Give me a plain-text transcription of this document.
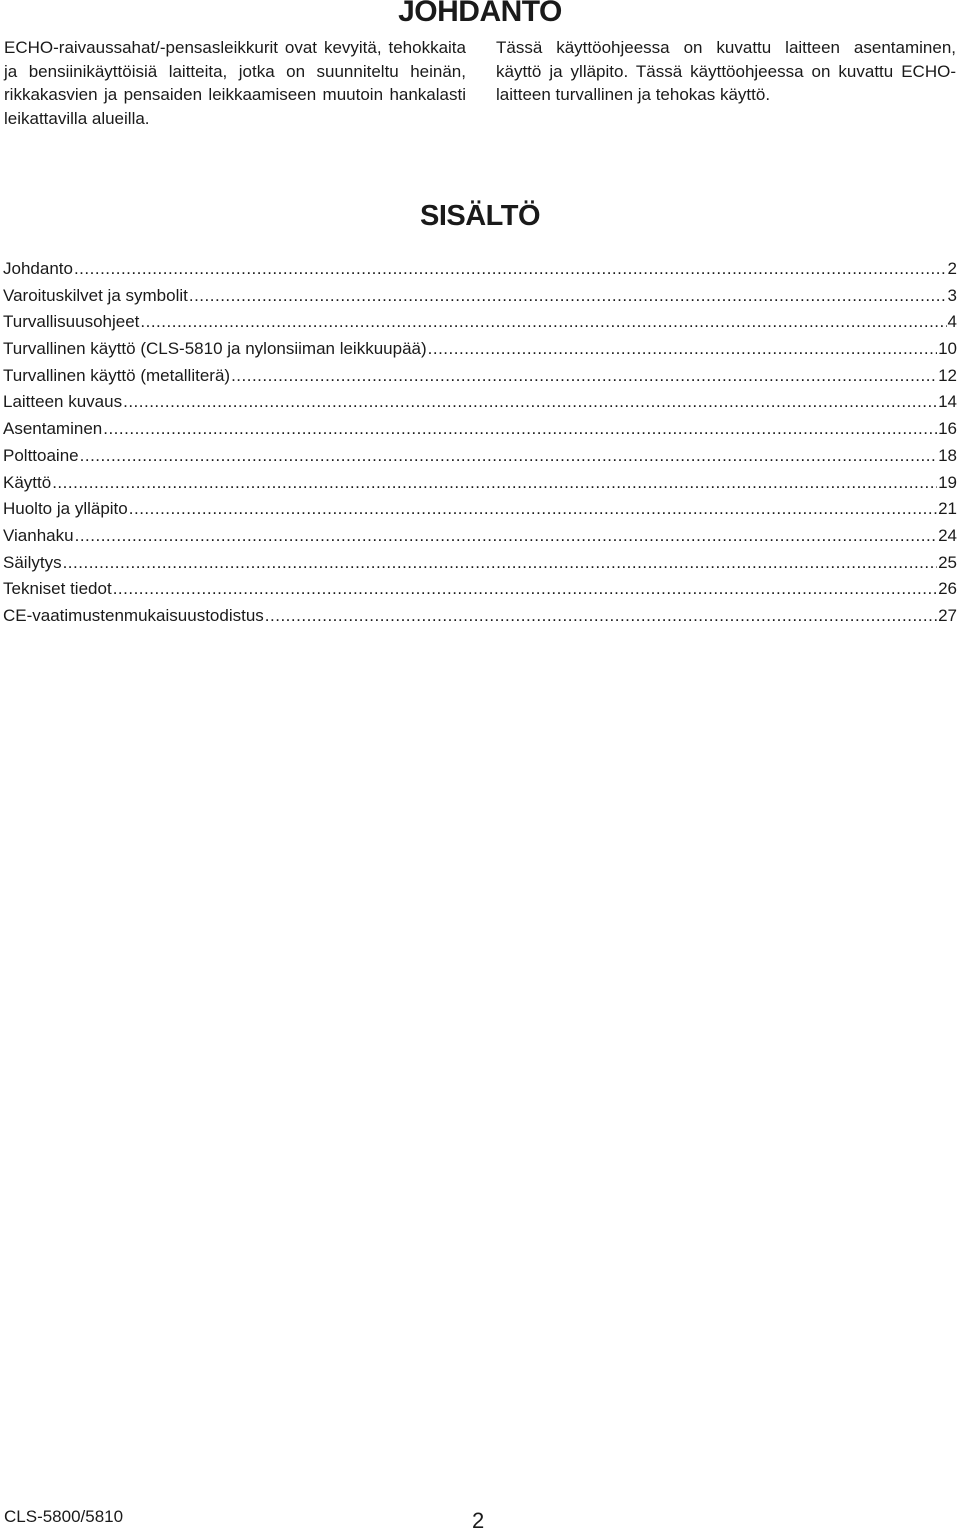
JOHDANTO

ECHO-raivaussahat/-pensasleikkurit ovat kevyitä, tehokkaita ja bensiinikäyttöisiä laitteita, jotka on suunniteltu heinän, rikkakasvien ja pensaiden leikkaamiseen muutoin hankalasti leikattavilla alueilla.

Tässä käyttöohjeessa on kuvattu laitteen asentaminen, käyttö ja ylläpito. Tässä käyttöohjeessa on kuvattu ECHO-laitteen turvallinen ja tehokas käyttö.

SISÄLTÖ
Johdanto .....	2
Varoituskilvet ja symbolit .....	3
Turvallisuusohjeet .....	4
Turvallinen käyttö (CLS-5810 ja nylonsiiman leikkuupää) .....	10
Turvallinen käyttö (metalliterä) .....	12
Laitteen kuvaus .....	14
Asentaminen .....	16
Polttoaine .....	18
Käyttö .....	19
Huolto ja ylläpito .....	21
Vianhaku .....	24
Säilytys .....	25
Tekniset tiedot .....	26
CE-vaatimustenmukaisuustodistus .....	27
CLS-5800/5810	2
